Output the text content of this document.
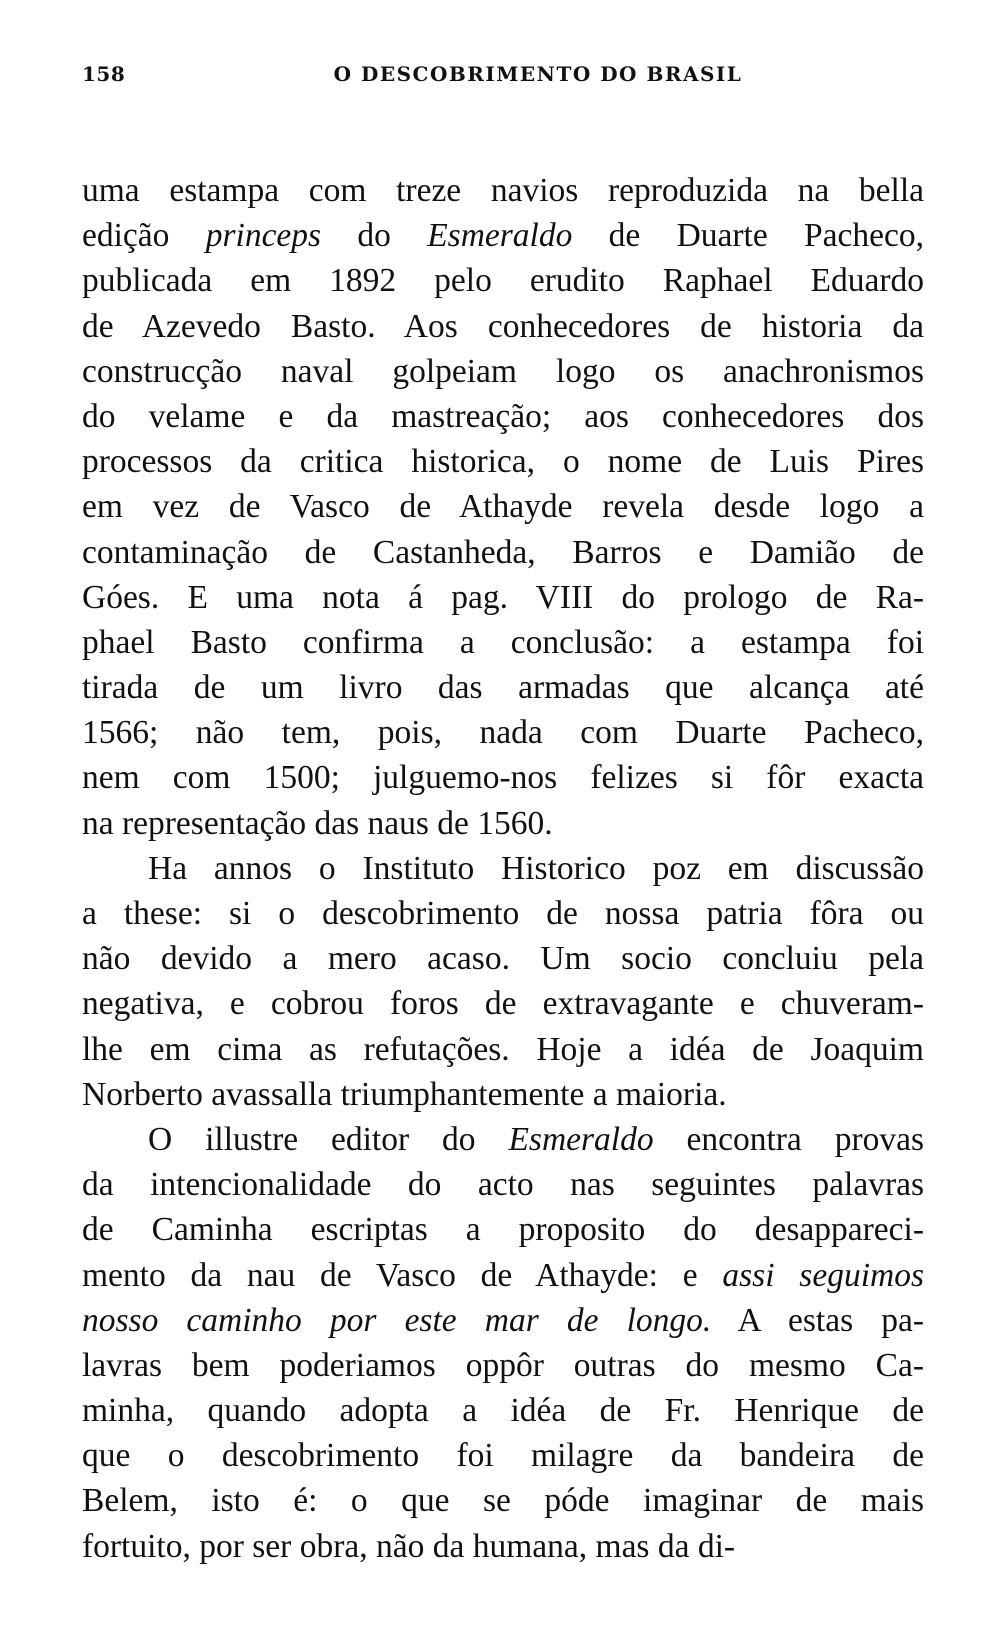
158	O DESCOBRIMENTO DO BRASIL
uma estampa com treze navios reproduzida na bella
edição princeps do Esmeraldo de Duarte Pacheco,
publicada em 1892 pelo erudito Raphael Eduardo
de Azevedo Basto. Aos conhecedores de historia da
construcção naval golpeiam logo os anachronismos
do velame e da mastreação; aos conhecedores dos
processos da critica historica, o nome de Luis Pires
em vez de Vasco de Athayde revela desde logo a
contaminação de Castanheda, Barros e Damião de
Góes. E uma nota á pag. VIII do prologo de Ra-
phael Basto confirma a conclusão: a estampa foi
tirada de um livro das armadas que alcança até
1566; não tem, pois, nada com Duarte Pacheco,
nem com 1500; julguemo-nos felizes si fôr exacta
na representação das naus de 1560.
Ha annos o Instituto Historico poz em discussão
a these: si o descobrimento de nossa patria fôra ou
não devido a mero acaso. Um socio concluiu pela
negativa, e cobrou foros de extravagante e chuveram-
lhe em cima as refutações. Hoje a idéa de Joaquim
Norberto avassalla triumphantemente a maioria.
O illustre editor do Esmeraldo encontra provas
da intencionalidade do acto nas seguintes palavras
de Caminha escriptas a proposito do desappareci-
mento da nau de Vasco de Athayde: e assi seguimos
nosso caminho por este mar de longo. A estas pa-
lavras bem poderiamos oppôr outras do mesmo Ca-
minha, quando adopta a idéa de Fr. Henrique de
que o descobrimento foi milagre da bandeira de
Belem, isto é: o que se póde imaginar de mais
fortuito, por ser obra, não da humana, mas da di-
